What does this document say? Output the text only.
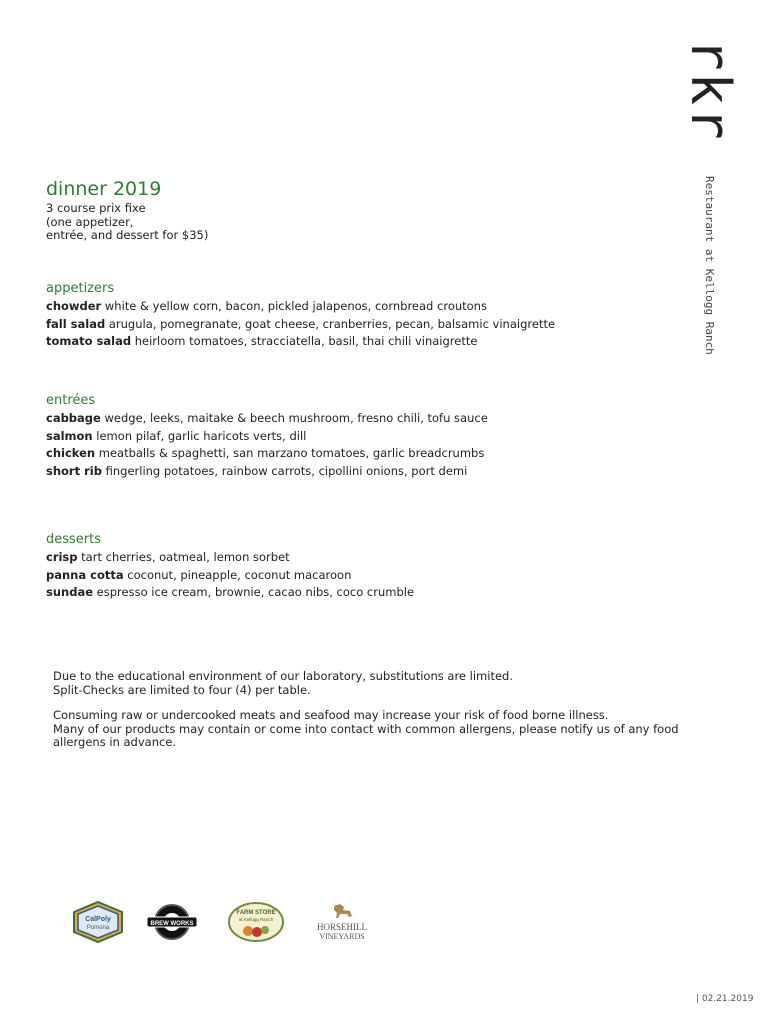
rkr
Restaurant at Kellogg Ranch
dinner 2019
3 course prix fixe
(one appetizer,
entrée, and dessert for $35)
appetizers
chowder white & yellow corn, bacon, pickled jalapenos, cornbread croutons
fall salad arugula, pomegranate, goat cheese, cranberries, pecan, balsamic vinaigrette
tomato salad heirloom tomatoes, stracciatella, basil, thai chili vinaigrette
entrées
cabbage wedge, leeks, maitake & beech mushroom, fresno chili, tofu sauce
salmon lemon pilaf, garlic haricots verts, dill
chicken meatballs & spaghetti, san marzano tomatoes, garlic breadcrumbs
short rib fingerling potatoes, rainbow carrots, cipollini onions, port demi
desserts
crisp tart cherries, oatmeal, lemon sorbet
panna cotta coconut, pineapple, coconut macaroon
sundae espresso ice cream, brownie, cacao nibs, coco crumble

Due to the educational environment of our laboratory, substitutions are limited.

Split-Checks are limited to four (4) per table.

Consuming raw or undercooked meats and seafood may increase your risk of food borne illness.

Many of our products may contain or come into contact with common allergens, please notify us of any food allergens in advance.

CalPoly
Pomona
BREW WORKS
FARM STORE
at Kellogg Ranch
HORSEHILL
VINEYARDS
| 02.21.2019
